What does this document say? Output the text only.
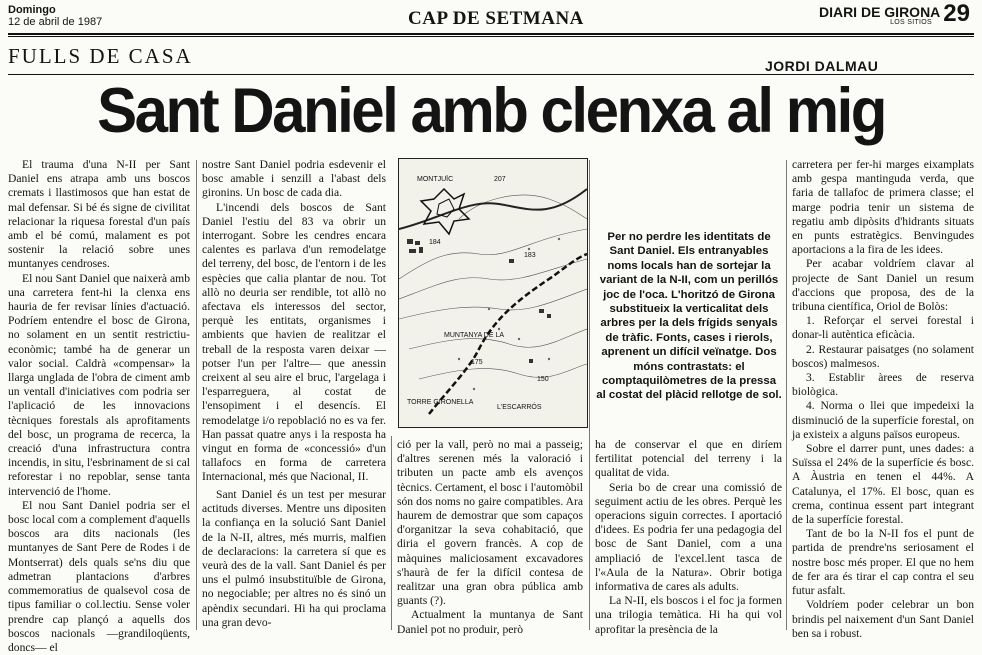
Domingo
12 de abril de 1987	CAP DE SETMANA	DIARI DE GIRONA 29
LOS SITIOS
FULLS DE CASA	JORDI DALMAU
Sant Daniel amb clenxa al mig

El trauma d'una N-II per Sant Daniel ens atrapa amb uns boscos cremats i llastimosos que han estat de mal defensar. Si bé és signe de civilitat relacionar la riquesa forestal d'un país amb el bé comú, malament es pot sostenir la relació sobre unes muntanyes cendroses.

El nou Sant Daniel que naixerà amb una carretera fent-hi la clenxa ens hauria de fer revisar línies d'actuació. Podríem entendre el bosc de Girona, no solament en un sentit restrictiu-econòmic; també ha de generar un valor social. Caldrà «compensar» la llarga unglada de l'obra de ciment amb un ventall d'iniciatives com podria ser l'aplicació de les innovacions tècniques forestals als aprofitaments del bosc, un programa de recerca, la creació d'una infrastructura contra incendis, in situ, l'esbrinament de si cal reforestar i no repoblar, sense tanta intervenció de l'home.

El nou Sant Daniel podria ser el bosc local com a complement d'aquells boscos ara dits nacionals (les muntanyes de Sant Pere de Rodes i de Montserrat) dels quals se'ns diu que admetran plantacions d'arbres commemoratius de qualsevol cosa de tipus familiar o col.lectiu. Sense voler prendre cap plançó a aquells dos boscos nacionals —grandiloqüents, doncs— el

nostre Sant Daniel podria esdevenir el bosc amable i senzill a l'abast dels gironins. Un bosc de cada dia.

L'incendi dels boscos de Sant Daniel l'estiu del 83 va obrir un interrogant. Sobre les cendres encara calentes es parlava d'un remodelatge del terreny, del bosc, de l'entorn i de les espècies que calia plantar de nou. Tot allò no deuria ser rendible, tot allò no afectava els interessos del sector, perquè les entitats, organismes i ambients que havien de realitzar el treball de la resposta varen deixar —potser l'un per l'altre— que anessin creixent al seu aire el bruc, l'argelaga i l'esparreguera, al costat de l'ensopiment i el desencís. El remodelatge i/o repoblació no es va fer. Han passat quatre anys i la resposta ha vingut en forma de «concessió» d'un tallafocs en forma de carretera Internacional, més que Nacional, II.

Sant Daniel és un test per mesurar actituds diverses. Mentre uns dipositen la confiança en la solució Sant Daniel de la N-II, altres, més murris, malfien de declaracions: la carretera sí que es veurà des de la vall. Sant Daniel és per uns el pulmó insubstituïble de Girona, no negociable; per altres no és sinó un apèndix secundari. Hi ha qui proclama una gran devo-

ció per la vall, però no mai a passeig; d'altres serenen més la valoració i tributen un pacte amb els avenços tècnics. Certament, el bosc i l'automòbil són dos noms no gaire compatibles. Ara haurem de demostrar que som capaços d'organitzar la seva cohabitació, que diria el govern francès. A cop de màquines maliciosament excavadores s'haurà de fer la difícil contesa de realitzar una gran obra pública amb guants (?).

Actualment la muntanya de Sant Daniel pot no produir, però

ha de conservar el que en diríem fertilitat potencial del terreny i la qualitat de vida.

Seria bo de crear una comissió de seguiment actiu de les obres. Perquè les operacions siguin correctes. I aportació d'idees. Es podria fer una pedagogia del bosc de Sant Daniel, com a una ampliació de l'excel.lent tasca de l'«Aula de la Natura». Obrir botiga informativa de cares als adults.

La N-II, els boscos i el foc ja formen una trilogia temàtica. Hi ha qui vol aprofitar la presència de la

carretera per fer-hi marges eixamplats amb gespa mantinguda verda, que faria de tallafoc de primera classe; el marge podria tenir un sistema de regatiu amb dipòsits d'hidrants situats en punts estratègics. Benvingudes aportacions a la fira de les idees.

Per acabar voldríem clavar al projecte de Sant Daniel un resum d'accions que proposa, des de la tribuna científica, Oriol de Bolòs:

1. Reforçar el servei forestal i donar-li autèntica eficàcia.

2. Restaurar paisatges (no solament boscos) malmesos.

3. Establir àrees de reserva biològica.

4. Norma o llei que impedeixi la disminució de la superfície forestal, on ja existeix a alguns països europeus.

Sobre el darrer punt, unes dades: a Suïssa el 24% de la superfície és bosc. A Àustria en tenen el 44%. A Catalunya, el 17%. El bosc, quan es crema, continua essent part integrant de la superfície forestal.

Tant de bo la N-II fos el punt de partida de prendre'ns seriosament el nostre bosc més proper. El que no hem de fer ara és tirar el cap contra el seu futur asfalt.

Voldríem poder celebrar un bon brindis pel naixement d'un Sant Daniel ben sa i robust.

Per no perdre les identitats de Sant Daniel. Els entranyables noms locals han de sortejar la variant de la N-II, com un perillós joc de l'oca. L'horitzó de Girona substitueix la verticalitat dels arbres per la dels frígids senyals de tràfic. Fonts, cases i rierols, aprenent un difícil veïnatge. Dos móns contrastats: el comptaquilòmetres de la pressa al costat del plàcid rellotge de sol.
MONTJUÏC	207
184
183
150
175
MUNTANYA DE LA
L'ESCARRÓS
TORRE GIRONELLA
